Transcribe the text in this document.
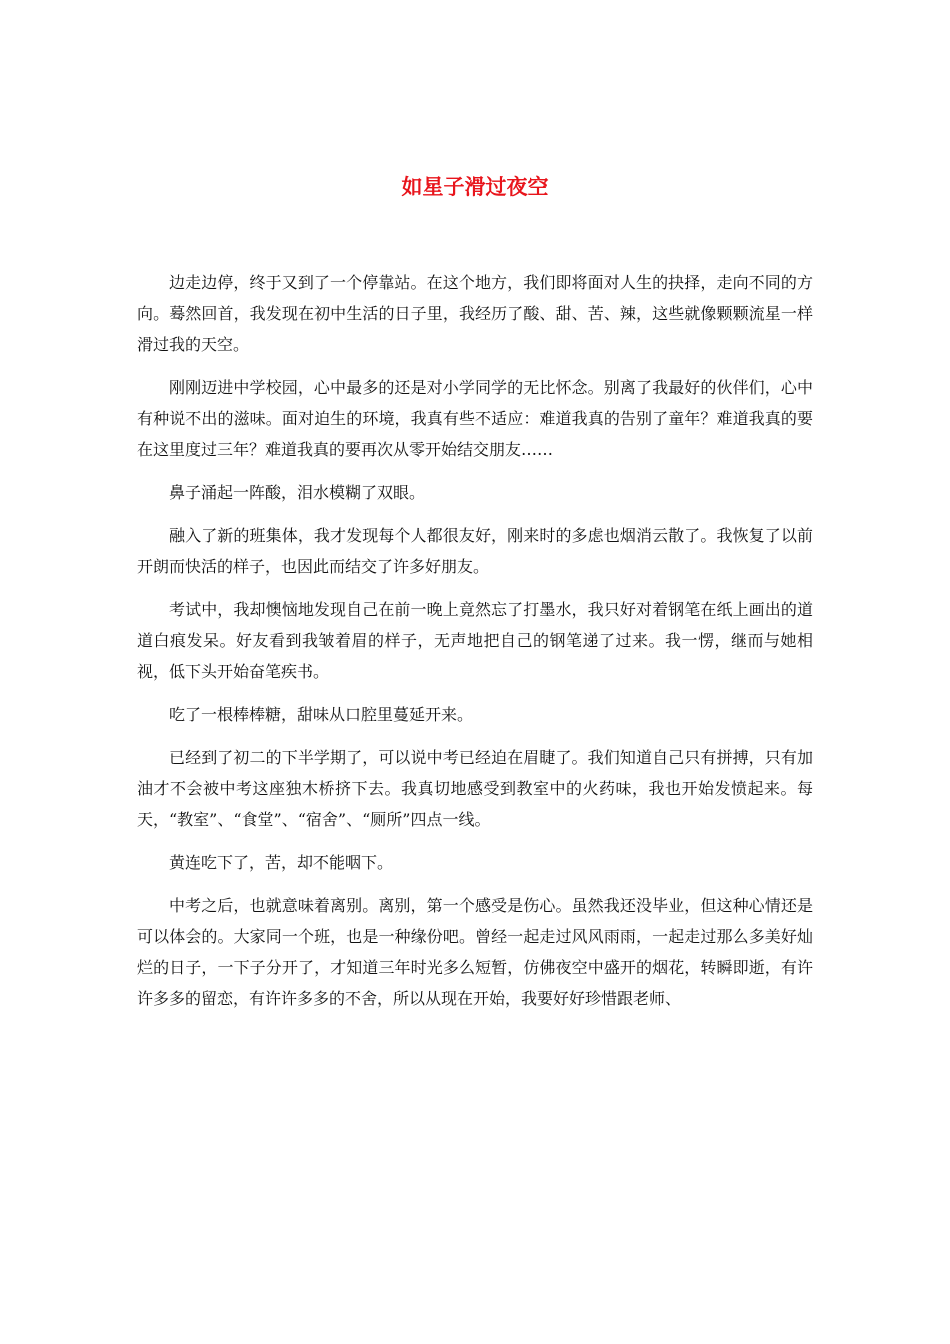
如星子滑过夜空

边走边停，终于又到了一个停靠站。在这个地方，我们即将面对人生的抉择，走向不同的方向。蓦然回首，我发现在初中生活的日子里，我经历了酸、甜、苦、辣，这些就像颗颗流星一样滑过我的天空。

刚刚迈进中学校园，心中最多的还是对小学同学的无比怀念。别离了我最好的伙伴们，心中有种说不出的滋味。面对迫生的环境，我真有些不适应：难道我真的告别了童年？难道我真的要在这里度过三年？难道我真的要再次从零开始结交朋友……

鼻子涌起一阵酸，泪水模糊了双眼。

融入了新的班集体，我才发现每个人都很友好，刚来时的多虑也烟消云散了。我恢复了以前开朗而快活的样子，也因此而结交了许多好朋友。

考试中，我却懊恼地发现自己在前一晚上竟然忘了打墨水，我只好对着钢笔在纸上画出的道道白痕发呆。好友看到我皱着眉的样子，无声地把自己的钢笔递了过来。我一愣，继而与她相视，低下头开始奋笔疾书。

吃了一根棒棒糖，甜味从口腔里蔓延开来。

已经到了初二的下半学期了，可以说中考已经迫在眉睫了。我们知道自己只有拼搏，只有加油才不会被中考这座独木桥挤下去。我真切地感受到教室中的火药味，我也开始发愤起来。每天，“教室”、“食堂”、“宿舍”、“厕所”四点一线。

黄连吃下了，苦，却不能咽下。

中考之后，也就意味着离别。离别，第一个感受是伤心。虽然我还没毕业，但这种心情还是可以体会的。大家同一个班，也是一种缘份吧。曾经一起走过风风雨雨，一起走过那么多美好灿烂的日子，一下子分开了，才知道三年时光多么短暂，仿佛夜空中盛开的烟花，转瞬即逝，有许许多多的留恋，有许许多多的不舍，所以从现在开始，我要好好珍惜跟老师、
